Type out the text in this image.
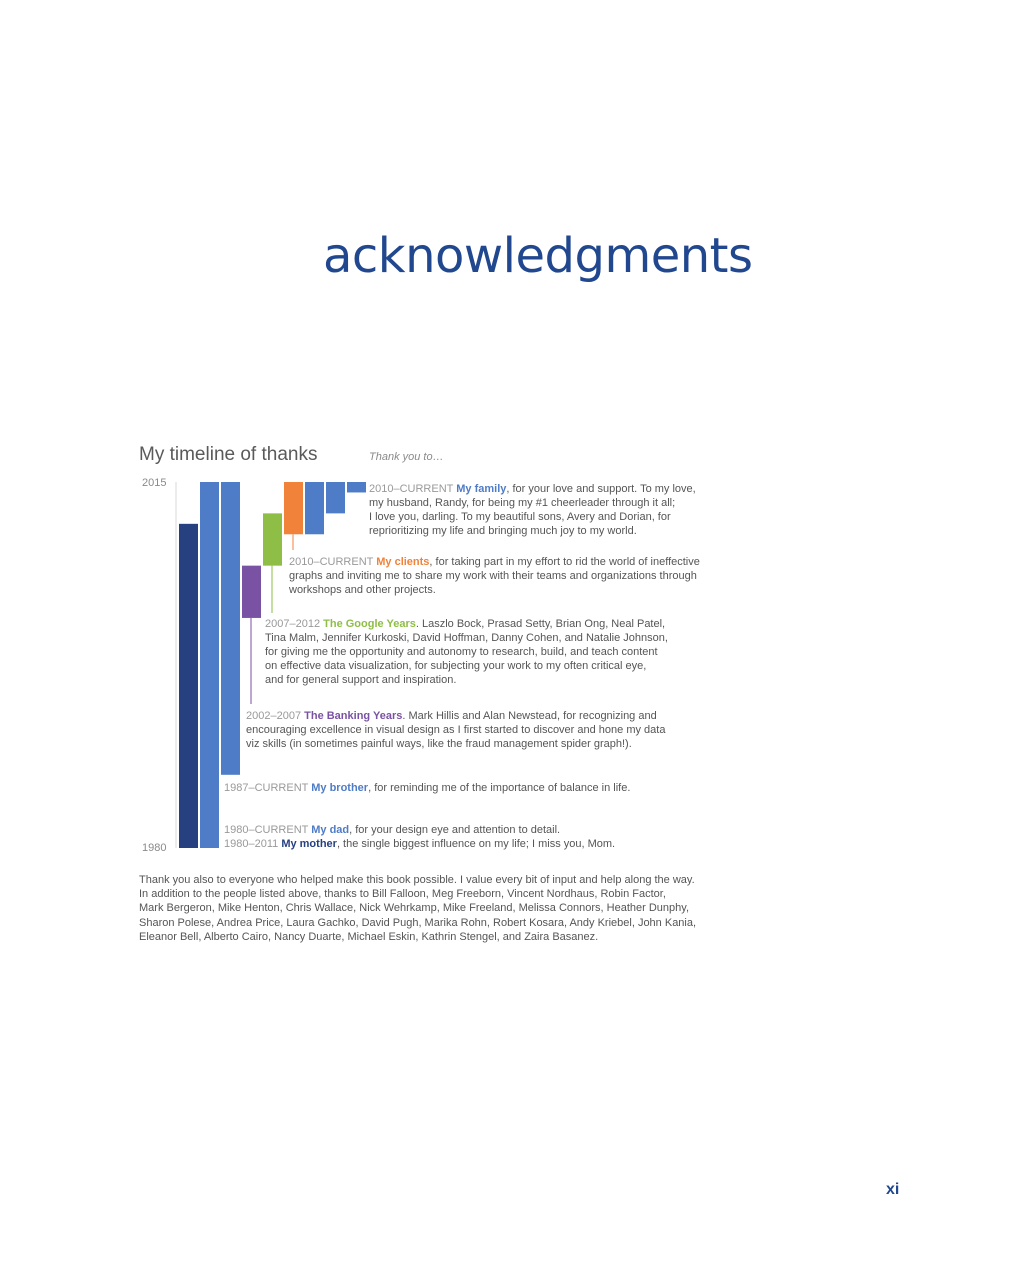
acknowledgments
My timeline of thanks	Thank you to…
2015
1980
2010–CURRENT My family, for your love and support. To my love,
my husband, Randy, for being my #1 cheerleader through it all;
I love you, darling. To my beautiful sons, Avery and Dorian, for
reprioritizing my life and bringing much joy to my world.
2010–CURRENT My clients, for taking part in my effort to rid the world of ineffective
graphs and inviting me to share my work with their teams and organizations through
workshops and other projects.
2007–2012 The Google Years. Laszlo Bock, Prasad Setty, Brian Ong, Neal Patel,
Tina Malm, Jennifer Kurkoski, David Hoffman, Danny Cohen, and Natalie Johnson,
for giving me the opportunity and autonomy to research, build, and teach content
on effective data visualization, for subjecting your work to my often critical eye,
and for general support and inspiration.
2002–2007 The Banking Years. Mark Hillis and Alan Newstead, for recognizing and
encouraging excellence in visual design as I first started to discover and hone my data
viz skills (in sometimes painful ways, like the fraud management spider graph!).
1987–CURRENT My brother, for reminding me of the importance of balance in life.
1980–CURRENT My dad, for your design eye and attention to detail.
1980–2011 My mother, the single biggest influence on my life; I miss you, Mom.
Thank you also to everyone who helped make this book possible. I value every bit of input and help along the way.
In addition to the people listed above, thanks to Bill Falloon, Meg Freeborn, Vincent Nordhaus, Robin Factor,
Mark Bergeron, Mike Henton, Chris Wallace, Nick Wehrkamp, Mike Freeland, Melissa Connors, Heather Dunphy,
Sharon Polese, Andrea Price, Laura Gachko, David Pugh, Marika Rohn, Robert Kosara, Andy Kriebel, John Kania,
Eleanor Bell, Alberto Cairo, Nancy Duarte, Michael Eskin, Kathrin Stengel, and Zaira Basanez.
xi
